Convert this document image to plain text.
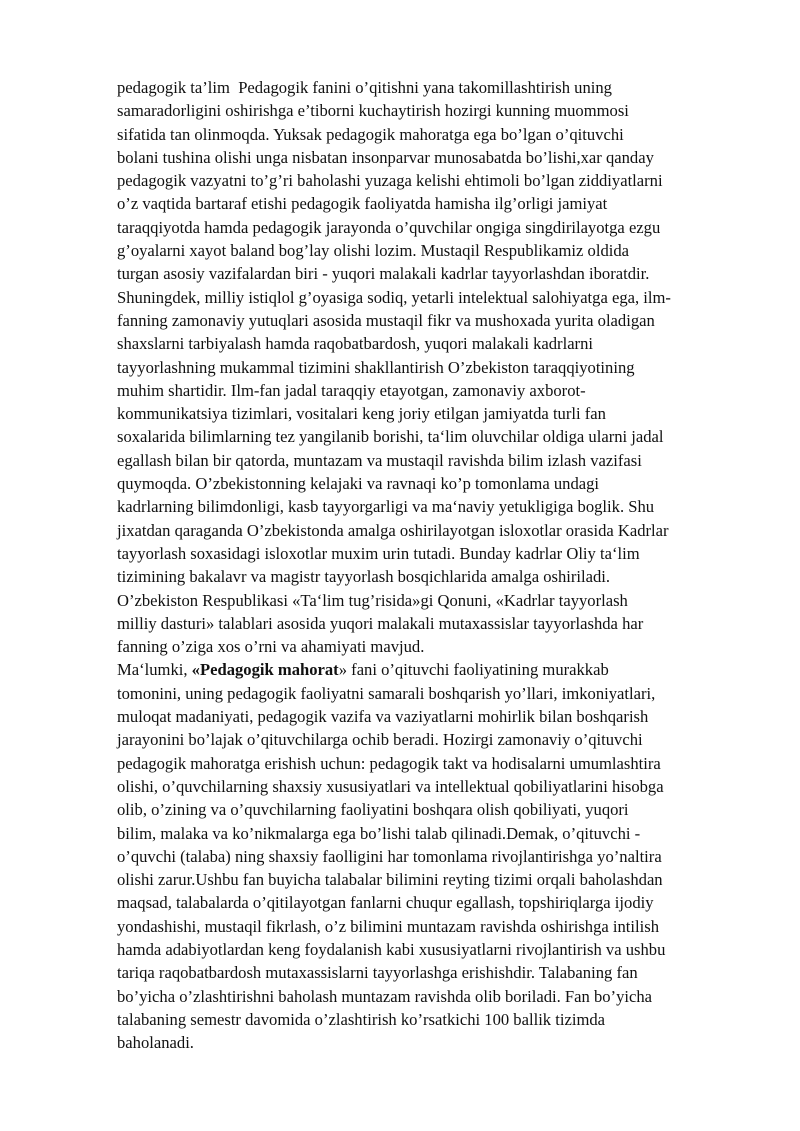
pedagogik ta’lim  Pedagogik fanini o’qitishni yana takomillashtirish uning
samaradorligini oshirishga e’tiborni kuchaytirish hozirgi kunning muommosi
sifatida tan olinmoqda. Yuksak pedagogik mahoratga ega bo’lgan o’qituvchi
bolani tushina olishi unga nisbatan insonparvar munosabatda bo’lishi,xar qanday
pedagogik vazyatni to’g’ri baholashi yuzaga kelishi ehtimoli bo’lgan ziddiyatlarni
o’z vaqtida bartaraf etishi pedagogik faoliyatda hamisha ilg’orligi jamiyat
taraqqiyotda hamda pedagogik jarayonda o’quvchilar ongiga singdirilayotga ezgu
g’oyalarni xayot baland bog’lay olishi lozim. Mustaqil Respublikamiz oldida
turgan asosiy vazifalardan biri - yuqori malakali kadrlar tayyorlashdan iboratdir.
Shuningdek, milliy istiqlol g’oyasiga sodiq, yetarli intelektual salohiyatga ega, ilm-
fanning zamonaviy yutuqlari asosida mustaqil fikr va mushoxada yurita oladigan
shaxslarni tarbiyalash hamda raqobatbardosh, yuqori malakali kadrlarni
tayyorlashning mukammal tizimini shakllantirish O’zbekiston taraqqiyotining
muhim shartidir. Ilm-fan jadal taraqqiy etayotgan, zamonaviy axborot-
kommunikatsiya tizimlari, vositalari keng joriy etilgan jamiyatda turli fan
soxalarida bilimlarning tez yangilanib borishi, ta‘lim oluvchilar oldiga ularni jadal
egallash bilan bir qatorda, muntazam va mustaqil ravishda bilim izlash vazifasi
quymoqda. O’zbekistonning kelajaki va ravnaqi ko’p tomonlama undagi
kadrlarning bilimdonligi, kasb tayyorgarligi va ma‘naviy yetukligiga boglik. Shu
jixatdan qaraganda O’zbekistonda amalga oshirilayotgan isloxotlar orasida Kadrlar
tayyorlash soxasidagi isloxotlar muxim urin tutadi. Bunday kadrlar Oliy ta‘lim
tizimining bakalavr va magistr tayyorlash bosqichlarida amalga oshiriladi.
O’zbekiston Respublikasi «Ta‘lim tug’risida»gi Qonuni, «Kadrlar tayyorlash
milliy dasturi» talablari asosida yuqori malakali mutaxassislar tayyorlashda har
fanning o’ziga xos o’rni va ahamiyati mavjud.
Ma‘lumki, «Pedagogik mahorat» fani o’qituvchi faoliyatining murakkab
tomonini, uning pedagogik faoliyatni samarali boshqarish yo’llari, imkoniyatlari,
muloqat madaniyati, pedagogik vazifa va vaziyatlarni mohirlik bilan boshqarish
jarayonini bo’lajak o’qituvchilarga ochib beradi. Hozirgi zamonaviy o’qituvchi
pedagogik mahoratga erishish uchun: pedagogik takt va hodisalarni umumlashtira
olishi, o’quvchilarning shaxsiy xususiyatlari va intellektual qobiliyatlarini hisobga
olib, o’zining va o’quvchilarning faoliyatini boshqara olish qobiliyati, yuqori
bilim, malaka va ko’nikmalarga ega bo’lishi talab qilinadi.Demak, o’qituvchi -
o’quvchi (talaba) ning shaxsiy faolligini har tomonlama rivojlantirishga yo’naltira
olishi zarur.Ushbu fan buyicha talabalar bilimini reyting tizimi orqali baholashdan
maqsad, talabalarda o’qitilayotgan fanlarni chuqur egallash, topshiriqlarga ijodiy
yondashishi, mustaqil fikrlash, o’z bilimini muntazam ravishda oshirishga intilish
hamda adabiyotlardan keng foydalanish kabi xususiyatlarni rivojlantirish va ushbu
tariqa raqobatbardosh mutaxassislarni tayyorlashga erishishdir. Talabaning fan
bo’yicha o’zlashtirishni baholash muntazam ravishda olib boriladi. Fan bo’yicha
talabaning semestr davomida o’zlashtirish ko’rsatkichi 100 ballik tizimda
baholanadi.
